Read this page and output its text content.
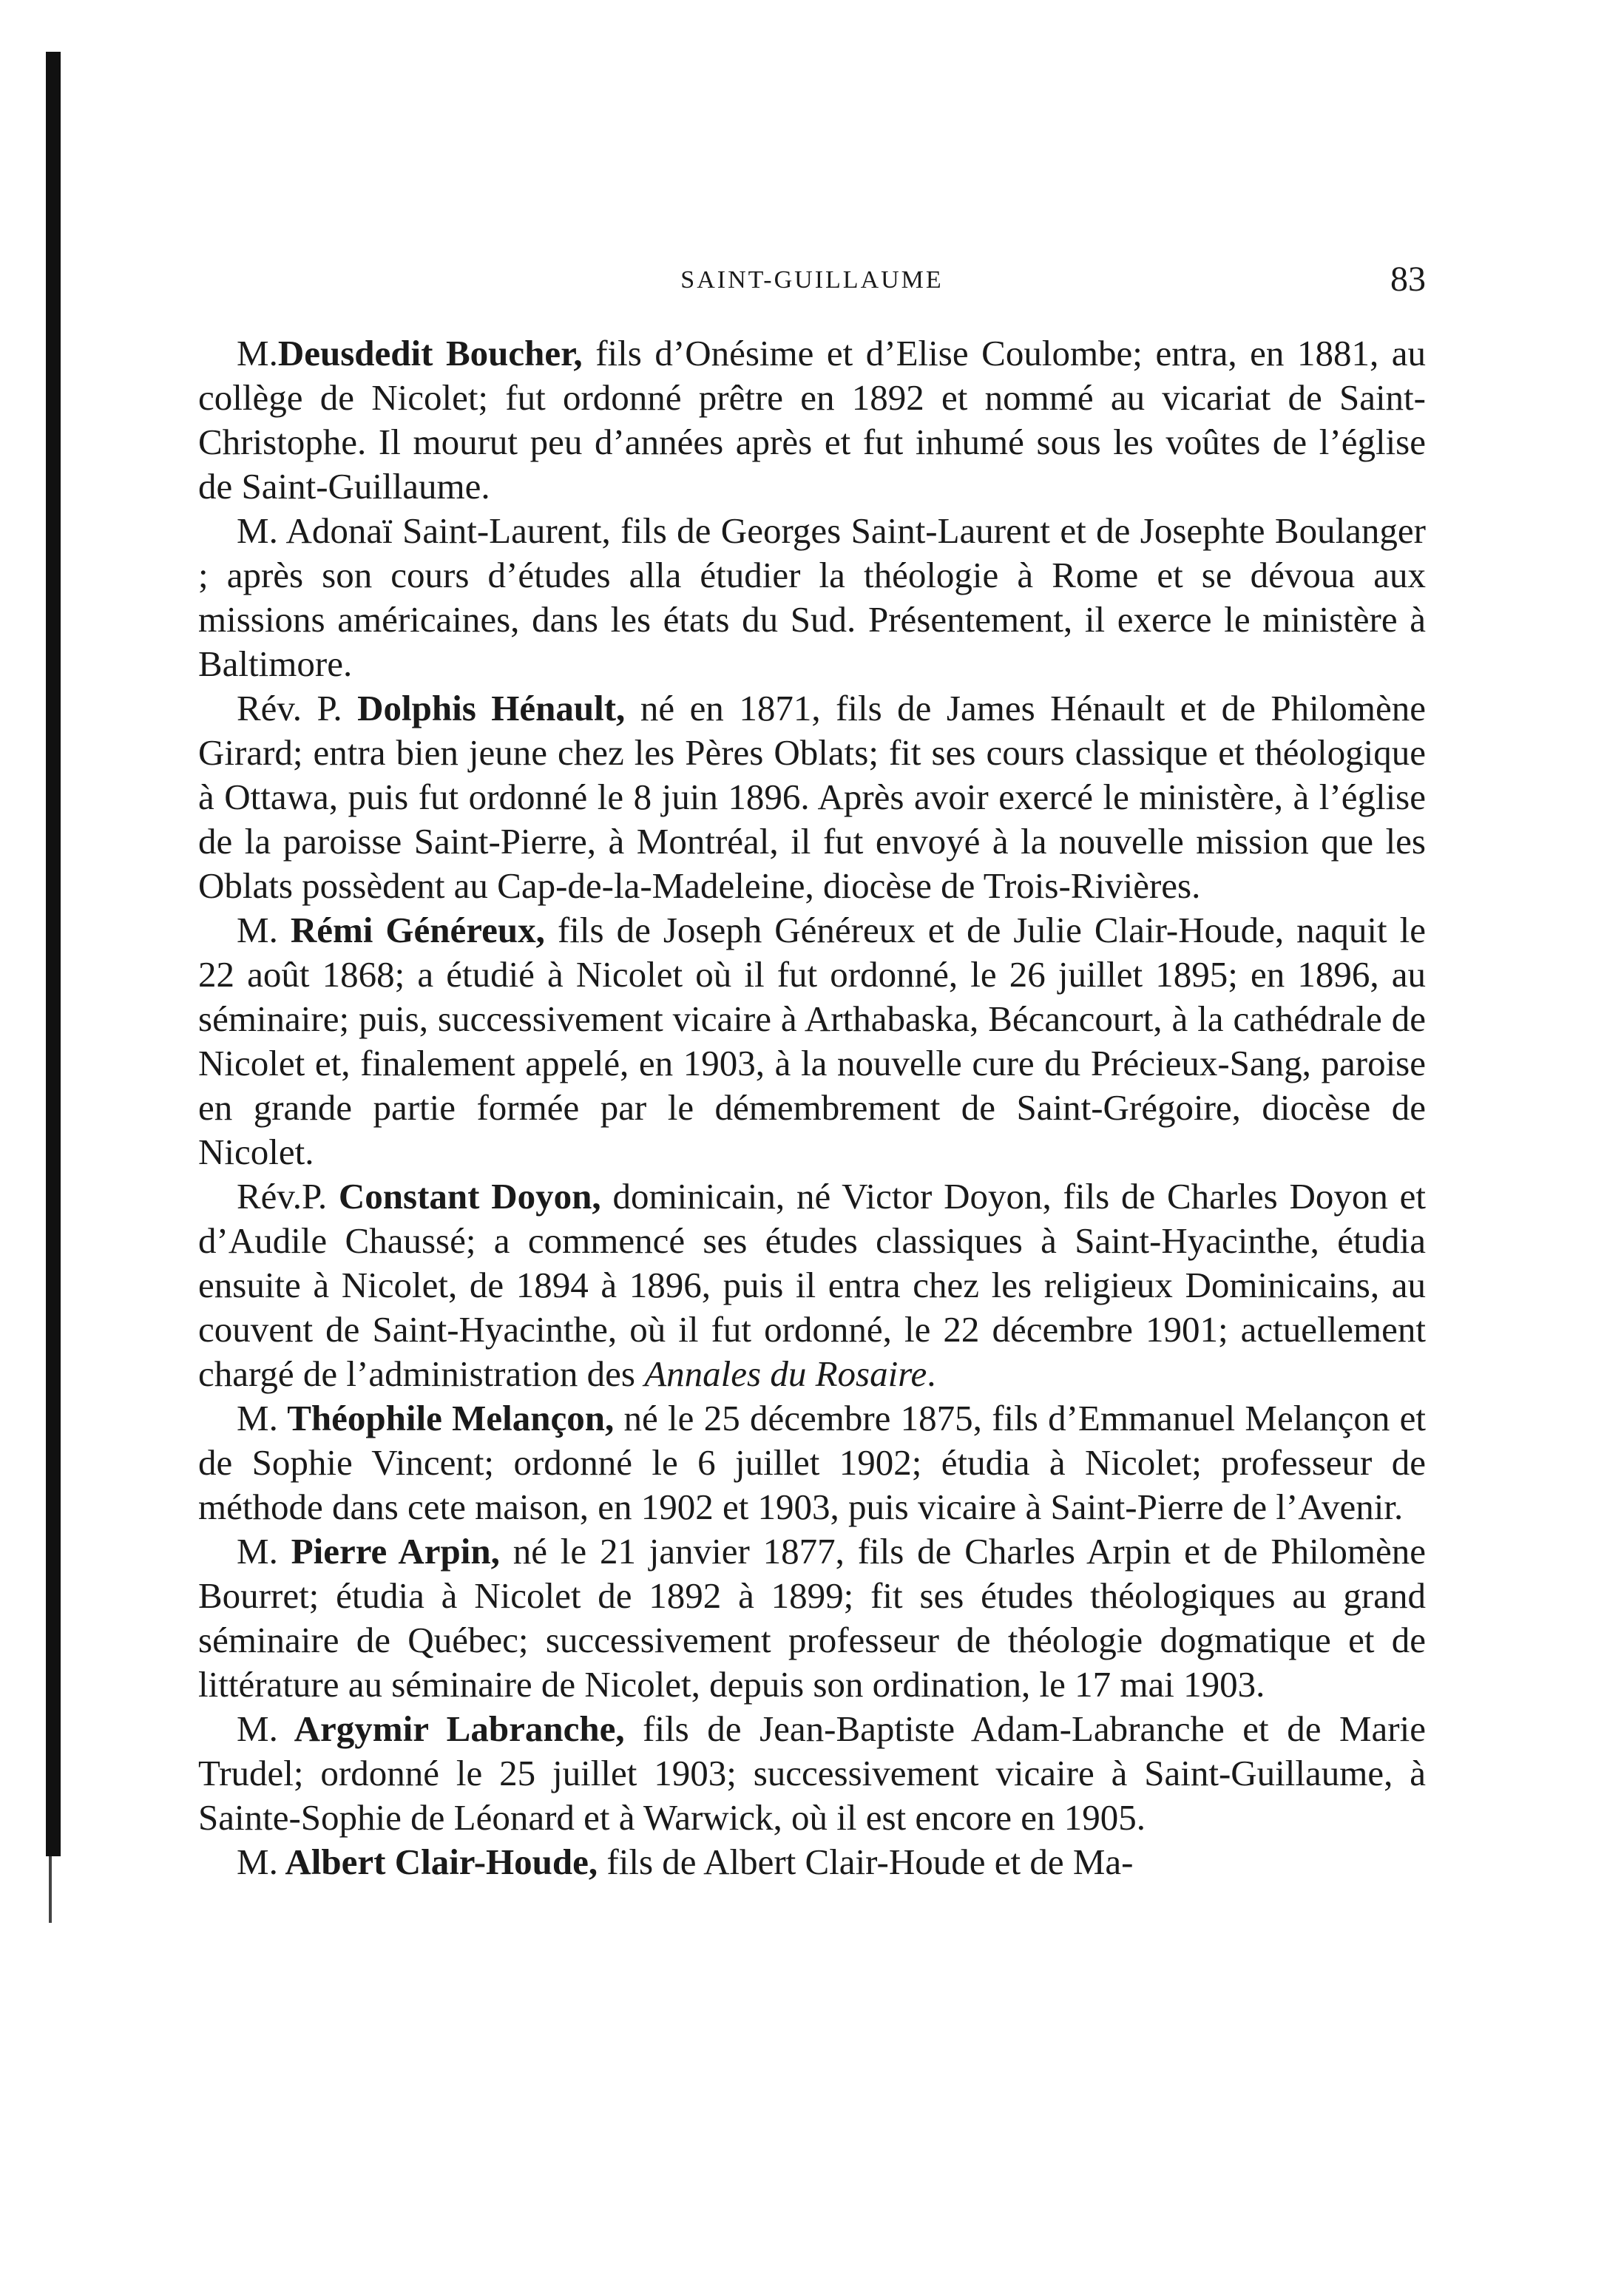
SAINT-GUILLAUME	83

M.Deusdedit Boucher, fils d’Onésime et d’Elise Coulombe; entra, en 1881, au collège de Nicolet; fut ordonné prêtre en 1892 et nommé au vicariat de Saint-Christophe. Il mourut peu d’années après et fut inhumé sous les voûtes de l’église de Saint-Guillaume.

M. Adonaï Saint-Laurent, fils de Georges Saint-Laurent et de Josephte Boulanger ; après son cours d’études alla étudier la théologie à Rome et se dévoua aux missions américaines, dans les états du Sud. Présentement, il exerce le ministère à Baltimore.

Rév. P. Dolphis Hénault, né en 1871, fils de James Hénault et de Philomène Girard; entra bien jeune chez les Pères Oblats; fit ses cours classique et théologique à Ottawa, puis fut ordonné le 8 juin 1896. Après avoir exercé le ministère, à l’église de la paroisse Saint-Pierre, à Montréal, il fut envoyé à la nouvelle mission que les Oblats possèdent au Cap-de-la-Madeleine, diocèse de Trois-Rivières.

M. Rémi Généreux, fils de Joseph Généreux et de Julie Clair-Houde, naquit le 22 août 1868; a étudié à Nicolet où il fut ordonné, le 26 juillet 1895; en 1896, au séminaire; puis, successivement vicaire à Arthabaska, Bécancourt, à la cathédrale de Nicolet et, finalement appelé, en 1903, à la nouvelle cure du Précieux-Sang, paroise en grande partie formée par le démembrement de Saint-Grégoire, diocèse de Nicolet.

Rév.P. Constant Doyon, dominicain, né Victor Doyon, fils de Charles Doyon et d’Audile Chaussé; a commencé ses études classiques à Saint-Hyacinthe, étudia ensuite à Nicolet, de 1894 à 1896, puis il entra chez les religieux Dominicains, au couvent de Saint-Hyacinthe, où il fut ordonné, le 22 décembre 1901; actuellement chargé de l’administration des Annales du Rosaire.

M. Théophile Melançon, né le 25 décembre 1875, fils d’Emmanuel Melançon et de Sophie Vincent; ordonné le 6 juillet 1902; étudia à Nicolet; professeur de méthode dans cete maison, en 1902 et 1903, puis vicaire à Saint-Pierre de l’Avenir.

M. Pierre Arpin, né le 21 janvier 1877, fils de Charles Arpin et de Philomène Bourret; étudia à Nicolet de 1892 à 1899; fit ses études théologiques au grand séminaire de Québec; successivement professeur de théologie dogmatique et de littérature au séminaire de Nicolet, depuis son ordination, le 17 mai 1903.

M. Argymir Labranche, fils de Jean-Baptiste Adam-Labranche et de Marie Trudel; ordonné le 25 juillet 1903; successivement vicaire à Saint-Guillaume, à Sainte-Sophie de Léonard et à Warwick, où il est encore en 1905.

M. Albert Clair-Houde, fils de Albert Clair-Houde et de Ma-
